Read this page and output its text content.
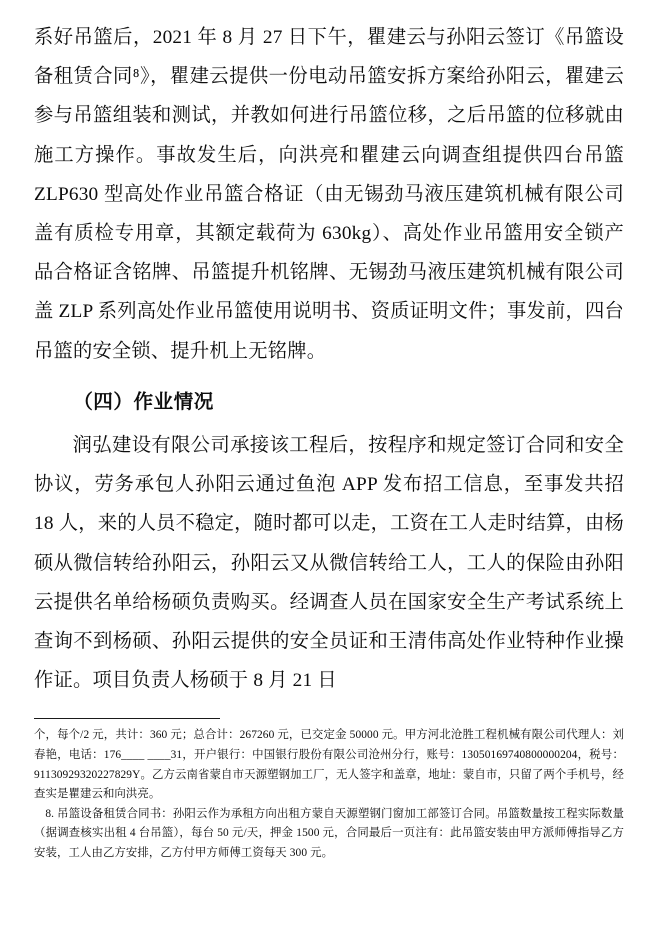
系好吊篮后，2021 年 8 月 27 日下午，瞿建云与孙阳云签订《吊篮设备租赁合同⁸》，瞿建云提供一份电动吊篮安拆方案给孙阳云，瞿建云参与吊篮组装和测试，并教如何进行吊篮位移，之后吊篮的位移就由施工方操作。事故发生后，向洪亮和瞿建云向调查组提供四台吊篮 ZLP630 型高处作业吊篮合格证（由无锡劲马液压建筑机械有限公司盖有质检专用章，其额定载荷为 630kg）、高处作业吊篮用安全锁产品合格证含铭牌、吊篮提升机铭牌、无锡劲马液压建筑机械有限公司盖 ZLP 系列高处作业吊篮使用说明书、资质证明文件；事发前，四台吊篮的安全锁、提升机上无铭牌。

（四）作业情况

润弘建设有限公司承接该工程后，按程序和规定签订合同和安全协议，劳务承包人孙阳云通过鱼泡 APP 发布招工信息，至事发共招 18 人，来的人员不稳定，随时都可以走，工资在工人走时结算，由杨硕从微信转给孙阳云，孙阳云又从微信转给工人，工人的保险由孙阳云提供名单给杨硕负责购买。经调查人员在国家安全生产考试系统上查询不到杨硕、孙阳云提供的安全员证和王清伟高处作业特种作业操作证。项目负责人杨硕于 8 月 21 日

个，每个/2 元，共计：360 元；总合计：267260 元，已交定金 50000 元。甲方河北沧胜工程机械有限公司代理人：刘春艳，电话：176____ ____31，开户银行：中国银行股份有限公司沧州分行，账号：13050169740800000204，税号：91130929320227829Y。乙方云南省蒙自市天源塑钢加工厂，无人签字和盖章，地址：蒙自市，只留了两个手机号，经查实是瞿建云和向洪亮。

8. 吊篮设备租赁合同书：孙阳云作为承租方向出租方蒙自天源塑钢门窗加工部签订合同。吊篮数量按工程实际数量（据调查核实出租 4 台吊篮），每台 50 元/天，押金 1500 元，合同最后一页注有：此吊篮安装由甲方派师傅指导乙方安装，工人由乙方安排，乙方付甲方师傅工资每天 300 元。
